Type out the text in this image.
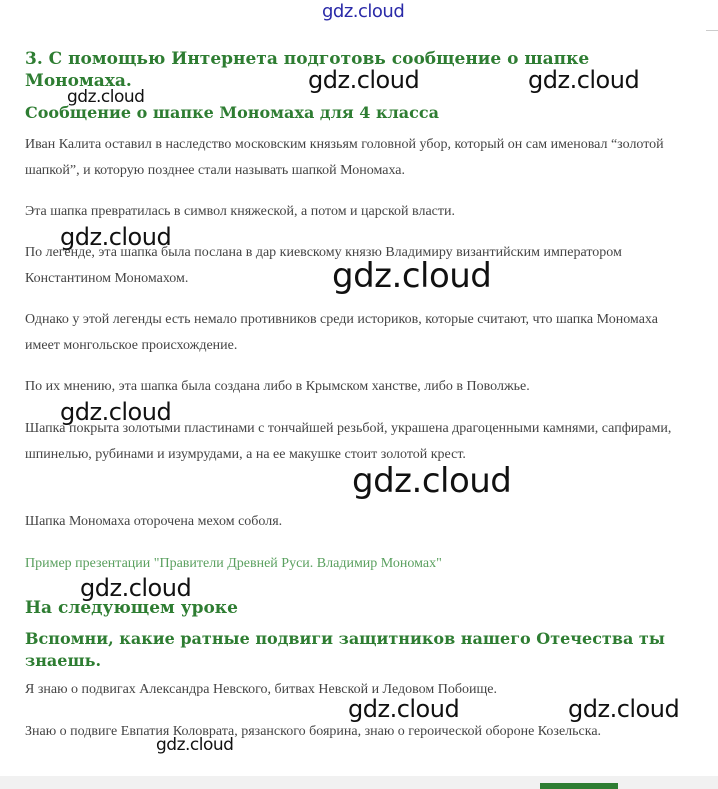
3. С помощью Интернета подготовь сообщение о шапке Мономаха.
Сообщение о шапке Мономаха для 4 класса
Иван Калита оставил в наследство московским князьям головной убор, который он сам именовал “золотой шапкой”, и которую позднее стали называть шапкой Мономаха.
Эта шапка превратилась в символ княжеской, а потом и царской власти.
По легенде, эта шапка была послана в дар киевскому князю Владимиру византийским императором Константином Мономахом.
Однако у этой легенды есть немало противников среди историков, которые считают, что шапка Мономаха имеет монгольское происхождение.
По их мнению, эта шапка была создана либо в Крымском ханстве, либо в Поволжье.
Шапка покрыта золотыми пластинами с тончайшей резьбой, украшена драгоценными камнями, сапфирами, шпинелью, рубинами и изумрудами, а на ее макушке стоит золотой крест.
Шапка Мономаха оторочена мехом соболя.
Пример презентации "Правители Древней Руси. Владимир Мономах"
На следующем уроке
Вспомни, какие ратные подвиги защитников нашего Отечества ты знаешь.
Я знаю о подвигах Александра Невского, битвах Невской и Ледовом Побоище.
Знаю о подвиге Евпатия Коловрата, рязанского боярина, знаю о героической обороне Козельска.
gdz.cloud
gdz.cloud	gdz.cloud
gdz.cloud
gdz.cloud
gdz.cloud
gdz.cloud
gdz.cloud
gdz.cloud
gdz.cloud	gdz.cloud
gdz.cloud
